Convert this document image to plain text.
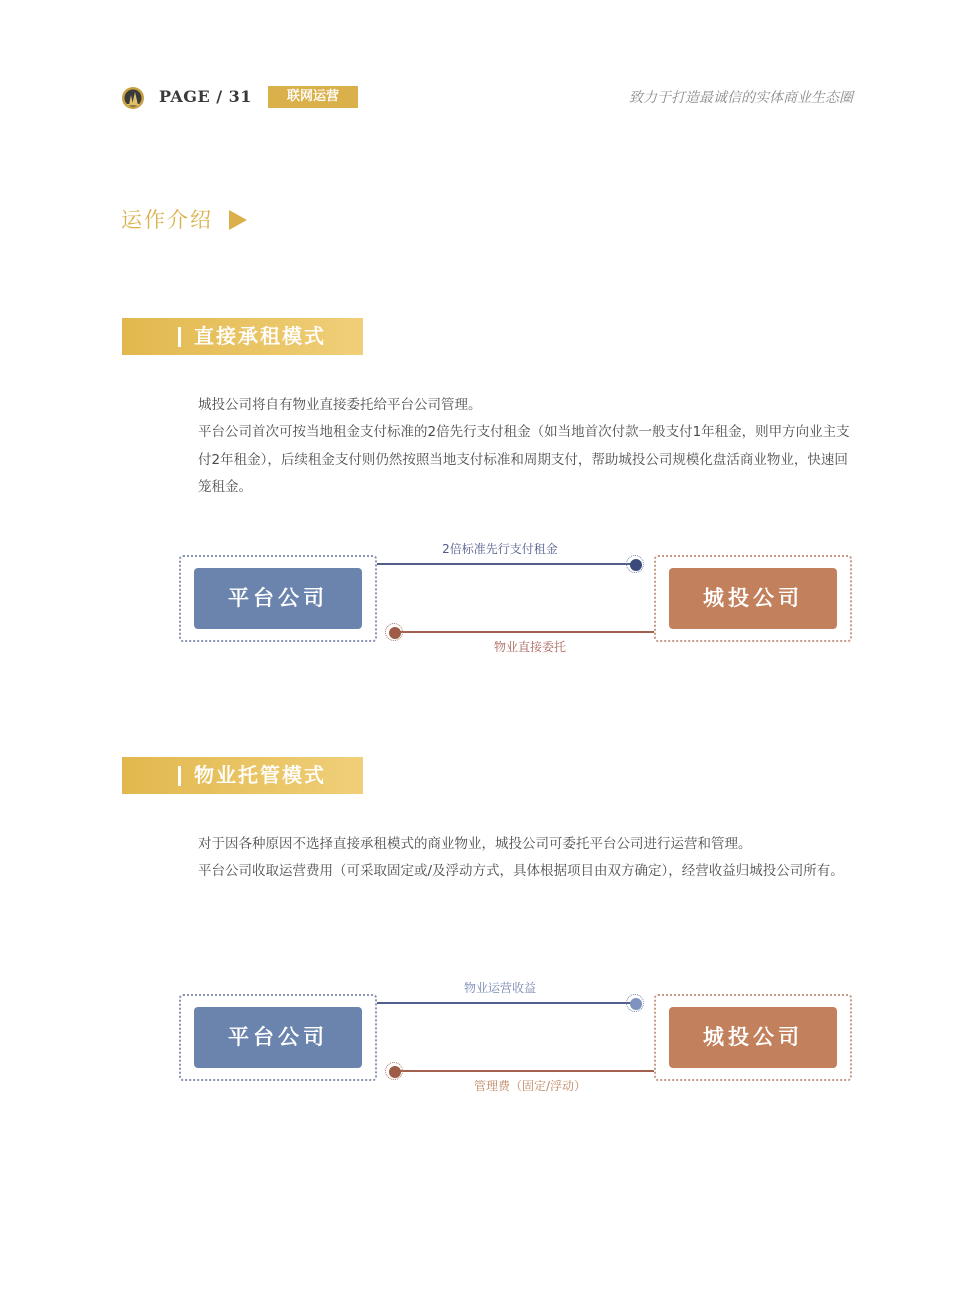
PAGE / 31	联网运营	致力于打造最诚信的实体商业生态圈
运作介绍
直接承租模式
城投公司将自有物业直接委托给平台公司管理。
平台公司首次可按当地租金支付标准的2倍先行支付租金（如当地首次付款一般支付1年租金，则甲方向业主支付2年租金），后续租金支付则仍然按照当地支付标准和周期支付，帮助城投公司规模化盘活商业物业，快速回笼租金。
2倍标准先行支付租金
平台公司	城投公司
物业直接委托
物业托管模式
对于因各种原因不选择直接承租模式的商业物业，城投公司可委托平台公司进行运营和管理。
平台公司收取运营费用（可采取固定或/及浮动方式，具体根据项目由双方确定），经营收益归城投公司所有。
物业运营收益
平台公司	城投公司
管理费（固定/浮动）
